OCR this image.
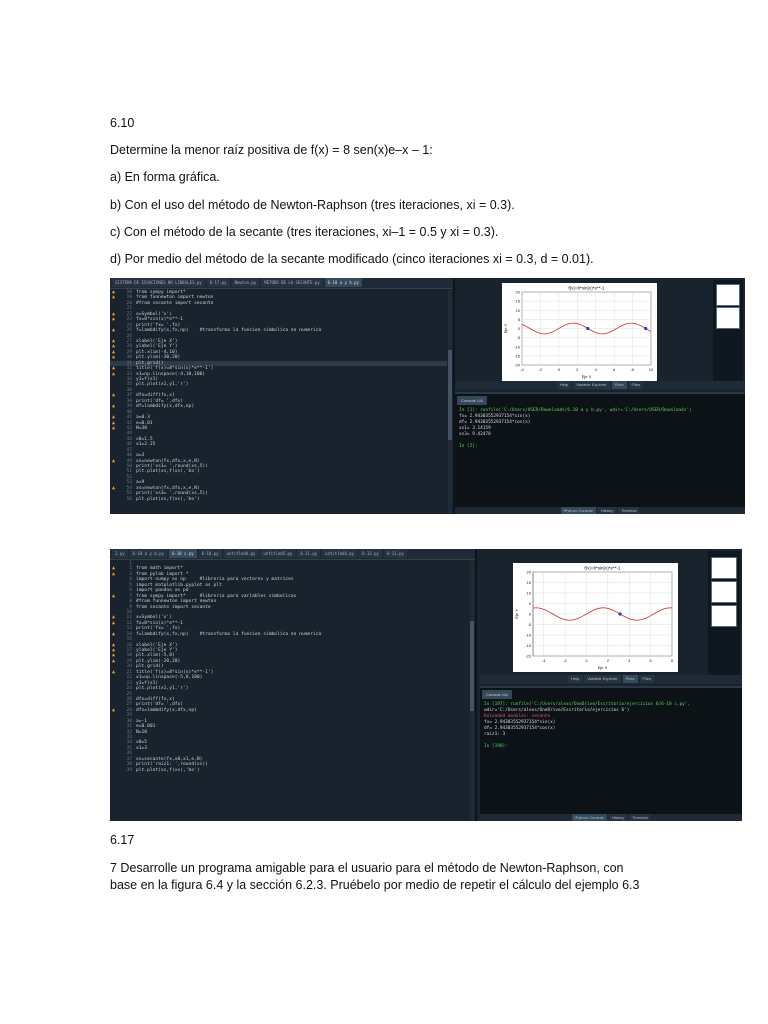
6.10
Determine la menor raíz positiva de f(x) = 8 sen(x)e–x – 1:
a) En forma gráfica.
b) Con el uso del método de Newton-Raphson (tres iteraciones, xi = 0.3).
c) Con el método de la secante (tres iteraciones, xi–1 = 0.5 y xi = 0.3).
d) Por medio del método de la secante modificado (cinco iteraciones xi = 0.3, d = 0.01).
SISTEMA DE ECUACIONES NO LINEALES.py	6-17.py	Newton.py	METODO DE LA SECANTE.py	6-10 a y b.py
▲ 18 from sympy import*
▲ 19 from funnewton import newton
20 #from secante import secante
21
▲ 22 x=Symbol('x')
▲ 23 fx=8*sin(x)*e**-1
24 print('fx= ',fx)
▲ 25 f=lambdify(x,fx,np)    #transforma la funcion simbolica en numerica
26
▲ 27 xlabel('Eje X')
▲ 28 ylabel('Eje Y')
▲ 29 plt.xlim(-4,10)
▲ 30 plt.ylim(-30,20)
31 plt.grid()
▲ 32 title('f(x)=8*sin(x)*e**-1')
▲ 33 x1=np.linspace(-4,10,100)
34 y1=f(x1)
35 plt.plot(x1,y1,'r')
36
▲ 37 dfx=diff(fx,x)
38 print('df= ',dfx)
▲ 39 df=lambdify(x,dfx,np)
40
▲ 41 a=0.3
▲ 42 e=0.01
▲ 43 N=30
44
45 x0=1.5
46 x1=2.25
47
48 a=3
▲ 49 xs=newton(fx,dfx,x,e,N)
50 print('xs1= ',round(xs,5))
51 plt.plot(xs,f(xs),'bo')
52
53 a=9
▲ 54 xs=newton(fx,dfx,x,e,N)
55 print('xs3= ',round(xs,5))
56 plt.plot(xs,f(xs),'bo')
-4	-2	0	2	4	6	8	10
20
15
10
5
0
-5
-10
-15
-20
f(x)=8*sin(x)*e**-1
Eje X
Eje Y
Help	Variable Explorer	Plots	Files
Console 1/A
In [1]: runfile('C:/Users/USER/Downloads/6.10 a y b.py', wdir='C:/Users/USER/Downloads')
fx= 2.94303552937154*sin(x)
df= 2.94303552937154*cos(x)
xs1= 3.14159
xs3= 9.42478

In [2]:
IPython Console	History	Terminal
2.py	6-10 a y b.py	6-10 c.py	6-10.py	untitled4.py	untitled5.py	6-11.py	untitled6.py	6-12.py	6-11.py
1
▲	2 from math import*
▲	3 from pylab import *
4 import numpy as np     #libreria para vectores y matrices
5 import matplotlib.pyplot as plt
6 import pandas as pd
▲	7 from sympy import*     #libreria para variables simbolicas
8 #from funnewton import newton
9 from secante import secante
10
▲ 11 x=Symbol('x')
▲ 12 fx=8*sin(x)*e**-1
13 print('fx= ',fx)
▲ 14 f=lambdify(x,fx,np)    #transforma la funcion simbolica en numerica
15
▲ 16 xlabel('Eje X')
▲ 17 ylabel('Eje Y')
▲ 18 plt.xlim(-5,8)
▲ 19 plt.ylim(-20,20)
20 plt.grid()
▲ 21 title('f(x)=8*sin(x)*e**-1')
22 x1=np.linspace(-5,8,100)
23 y1=f(x1)
24 plt.plot(x1,y1,'r')
25
26 dfx=diff(fx,x)
27 print('df= ',dfx)
▲ 28 dfx=lambdify(x,dfx,np)
29
30 a=-1
31 e=0.001
32 N=10
33
34 x0=5
35 x1=3
36
37 xs=secante(fx,x0,x1,e,N)
38 print('raiz1: ',round(xs))
39 plt.plot(xs,f(xs),'bo')
-4	-2	0	2	4	6	8
20
15
10
5
0
-5
-10
-15
-20
f(x)=8*sin(x)*e**-1
Eje X
Eje Y
Help	Variable Explorer	Plots	Files
Console 1/A
In [197]: runfile('C:/Users/alexs/OneDrive/Escritorio/ejercicios 6/6-10 c.py',
wdir='C:/Users/alexs/OneDrive/Escritorio/ejercicios 6')
Reloaded modules: secante
fx= 2.94303552937154*sin(x)
df= 2.94303552937154*cos(x)
raiz1: 3

In [198]:
IPython Console	History	Terminal
6.17
7 Desarrolle un programa amigable para el usuario para el método de Newton-Raphson, con
base en la figura 6.4 y la sección 6.2.3. Pruébelo por medio de repetir el cálculo del ejemplo 6.3
